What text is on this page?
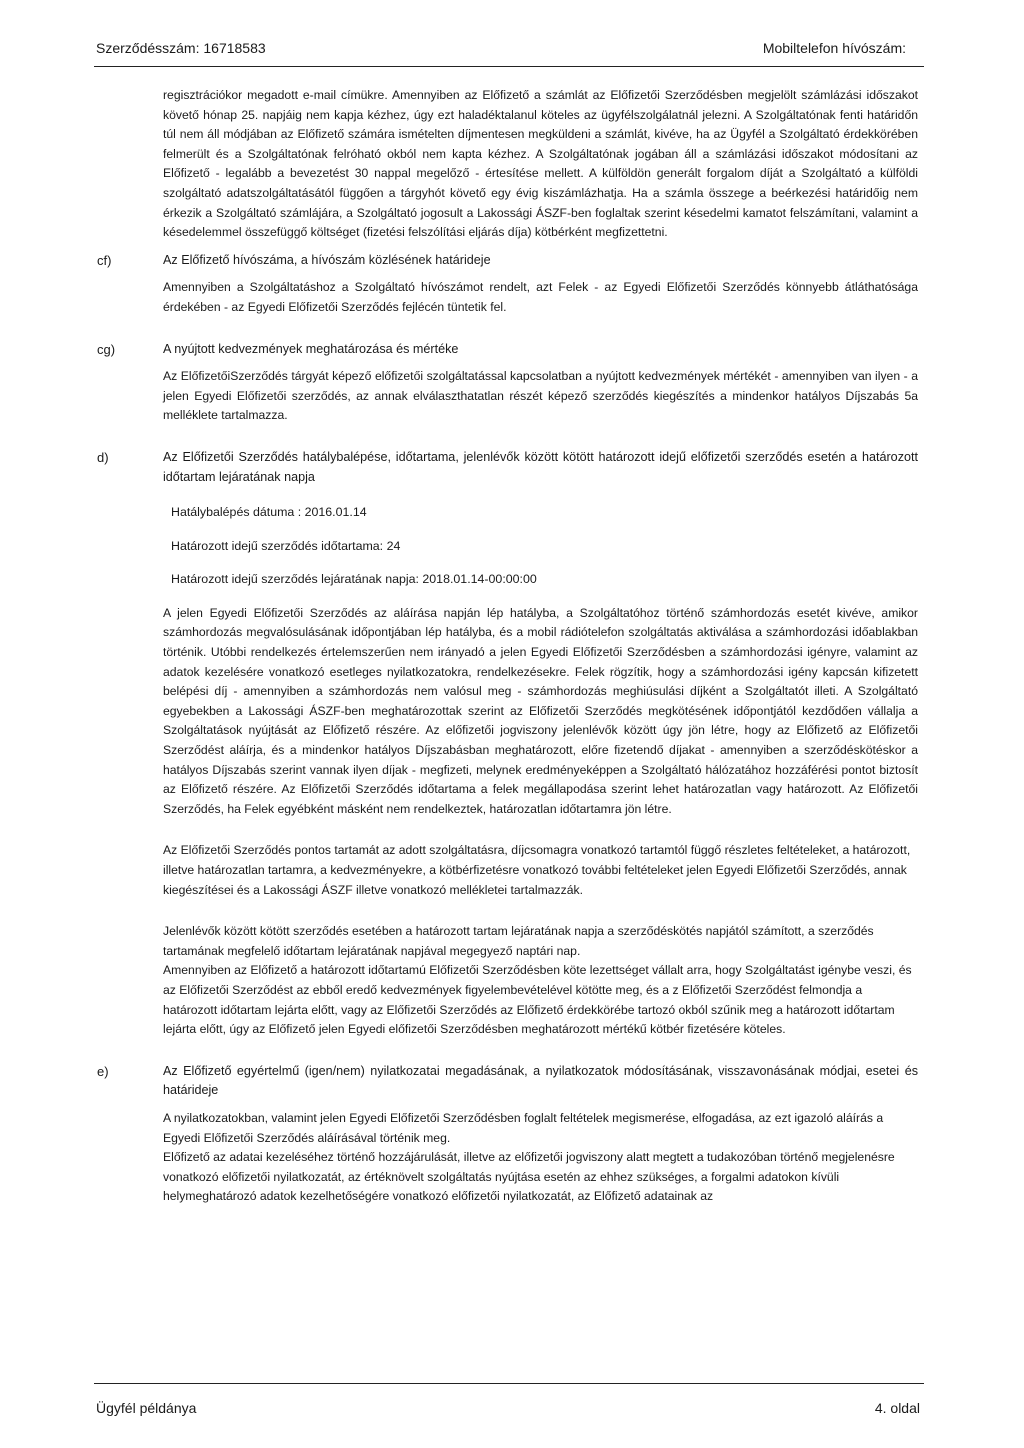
Szerződésszám: 16718583	Mobiltelefon hívószám:

regisztrációkor megadott e-mail címükre. Amennyiben az Előfizető a számlát az Előfizetői Szerződésben megjelölt számlázási időszakot követő hónap 25. napjáig nem kapja kézhez, úgy ezt haladéktalanul köteles az ügyfélszolgálatnál jelezni. A Szolgáltatónak fenti határidőn túl nem áll módjában az Előfizető számára ismételten díjmentesen megküldeni a számlát, kivéve, ha az Ügyfél a Szolgáltató érdekkörében felmerült és a Szolgáltatónak felróható okból nem kapta kézhez. A Szolgáltatónak jogában áll a számlázási időszakot módosítani az Előfizető - legalább a bevezetést 30 nappal megelőző - értesítése mellett. A külföldön generált forgalom díját a Szolgáltató a külföldi szolgáltató adatszolgáltatásától függően a tárgyhót követő egy évig kiszámlázhatja. Ha a számla összege a beérkezési határidőig nem érkezik a Szolgáltató számlájára, a Szolgáltató jogosult a Lakossági ÁSZF-ben foglaltak szerint késedelmi kamatot felszámítani, valamint a késedelemmel összefüggő költséget (fizetési felszólítási eljárás díja) kötbérként megfizettetni.

cf)	Az Előfizető hívószáma, a hívószám közlésének határideje

Amennyiben a Szolgáltatáshoz a Szolgáltató hívószámot rendelt, azt Felek - az Egyedi Előfizetői Szerződés könnyebb átláthatósága érdekében - az Egyedi Előfizetői Szerződés fejlécén tüntetik fel.

cg)	A nyújtott kedvezmények meghatározása és mértéke

Az ElőfizetőiSzerződés tárgyát képező előfizetői szolgáltatással kapcsolatban a nyújtott kedvezmények mértékét - amennyiben van ilyen - a jelen Egyedi Előfizetői szerződés, az annak elválaszthatatlan részét képező szerződés kiegészítés a mindenkor hatályos Díjszabás 5a melléklete tartalmazza.

d)	Az Előfizetői Szerződés hatálybalépése, időtartama, jelenlévők között kötött határozott idejű előfizetői szerződés esetén a határozott időtartam lejáratának napja
Hatálybalépés dátuma : 2016.01.14
Határozott idejű szerződés időtartama: 24
Határozott idejű szerződés lejáratának napja: 2018.01.14-00:00:00

A jelen Egyedi Előfizetői Szerződés az aláírása napján lép hatályba, a Szolgáltatóhoz történő számhordozás esetét kivéve, amikor számhordozás megvalósulásának időpontjában lép hatályba, és a mobil rádiótelefon szolgáltatás aktiválása a számhordozási időablakban történik. Utóbbi rendelkezés értelemszerűen nem irányadó a jelen Egyedi Előfizetői Szerződésben a számhordozási igényre, valamint az adatok kezelésére vonatkozó esetleges nyilatkozatokra, rendelkezésekre. Felek rögzítik, hogy a számhordozási igény kapcsán kifizetett belépési díj - amennyiben a számhordozás nem valósul meg - számhordozás meghiúsulási díjként a Szolgáltatót illeti. A Szolgáltató egyebekben a Lakossági ÁSZF-ben meghatározottak szerint az Előfizetői Szerződés megkötésének időpontjától kezdődően vállalja a Szolgáltatások nyújtását az Előfizető részére. Az előfizetői jogviszony jelenlévők között úgy jön létre, hogy az Előfizető az Előfizetői Szerződést aláírja, és a mindenkor hatályos Díjszabásban meghatározott, előre fizetendő díjakat - amennyiben a szerződéskötéskor a hatályos Díjszabás szerint vannak ilyen díjak - megfizeti, melynek eredményeképpen a Szolgáltató hálózatához hozzáférési pontot biztosít az Előfizető részére. Az Előfizetői Szerződés időtartama a felek megállapodása szerint lehet határozatlan vagy határozott. Az Előfizetői Szerződés, ha Felek egyébként másként nem rendelkeztek, határozatlan időtartamra jön létre.

Az Előfizetői Szerződés pontos tartamát az adott szolgáltatásra, díjcsomagra vonatkozó tartamtól függő részletes feltételeket, a határozott, illetve határozatlan tartamra, a kedvezményekre, a kötbérfizetésre vonatkozó további feltételeket jelen Egyedi Előfizetői Szerződés, annak kiegészítései és a Lakossági ÁSZF illetve vonatkozó mellékletei tartalmazzák.

Jelenlévők között kötött szerződés esetében a határozott tartam lejáratának napja a szerződéskötés napjától számított, a szerződés tartamának megfelelő időtartam lejáratának napjával megegyező naptári nap.

Amennyiben az Előfizető a határozott időtartamú Előfizetői Szerződésben köte lezettséget vállalt arra, hogy Szolgáltatást igénybe veszi, és az Előfizetői Szerződést az ebből eredő kedvezmények figyelembevételével kötötte meg, és a z Előfizetői Szerződést felmondja a határozott időtartam lejárta előtt, vagy az Előfizetői Szerződés az Előfizető érdekkörébe tartozó okból szűnik meg a határozott időtartam lejárta előtt, úgy az Előfizető jelen Egyedi előfizetői Szerződésben meghatározott mértékű kötbér fizetésére köteles.

e)	Az Előfizető egyértelmű (igen/nem) nyilatkozatai megadásának, a nyilatkozatok módosításának, visszavonásának módjai, esetei és határideje

A nyilatkozatokban, valamint jelen Egyedi Előfizetői Szerződésben foglalt feltételek megismerése, elfogadása, az ezt igazoló aláírás a Egyedi Előfizetői Szerződés aláírásával történik meg.

Előfizető az adatai kezeléséhez történő hozzájárulását, illetve az előfizetői jogviszony alatt megtett a tudakozóban történő megjelenésre vonatkozó előfizetői nyilatkozatát, az értéknövelt szolgáltatás nyújtása esetén az ehhez szükséges, a forgalmi adatokon kívüli helymeghatározó adatok kezelhetőségére vonatkozó előfizetői nyilatkozatát, az Előfizető adatainak az

Ügyfél példánya	4. oldal
